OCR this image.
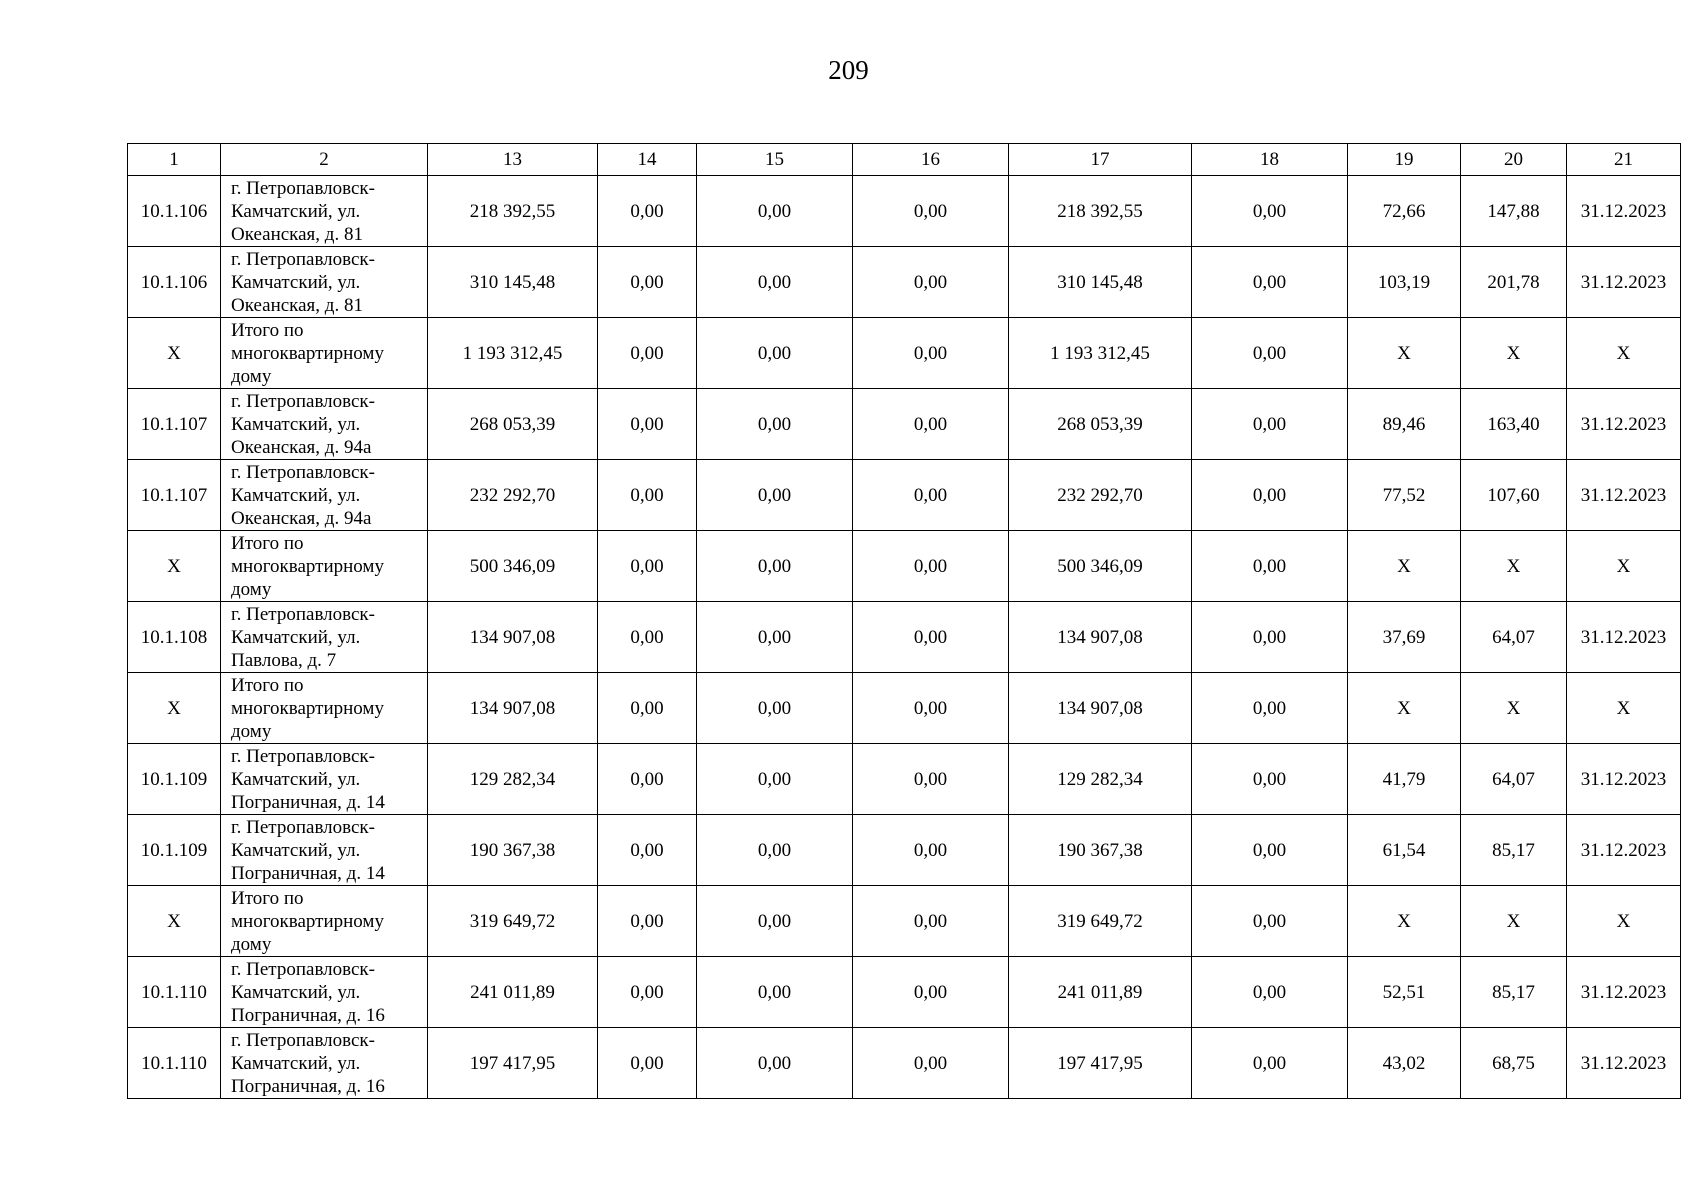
209
1	2	13	14	15	16	17	18	19	20	21
10.1.106	г. Петропавловск-
Камчатский, ул.
Океанская, д. 81	218 392,55	0,00	0,00	0,00	218 392,55	0,00	72,66	147,88	31.12.2023
10.1.106	г. Петропавловск-
Камчатский, ул.
Океанская, д. 81	310 145,48	0,00	0,00	0,00	310 145,48	0,00	103,19	201,78	31.12.2023
Х	Итого по
многоквартирному
дому	1 193 312,45	0,00	0,00	0,00	1 193 312,45	0,00	Х	Х	Х
10.1.107	г. Петропавловск-
Камчатский, ул.
Океанская, д. 94а	268 053,39	0,00	0,00	0,00	268 053,39	0,00	89,46	163,40	31.12.2023
10.1.107	г. Петропавловск-
Камчатский, ул.
Океанская, д. 94а	232 292,70	0,00	0,00	0,00	232 292,70	0,00	77,52	107,60	31.12.2023
Х	Итого по
многоквартирному
дому	500 346,09	0,00	0,00	0,00	500 346,09	0,00	Х	Х	Х
10.1.108	г. Петропавловск-
Камчатский, ул.
Павлова, д. 7	134 907,08	0,00	0,00	0,00	134 907,08	0,00	37,69	64,07	31.12.2023
Х	Итого по
многоквартирному
дому	134 907,08	0,00	0,00	0,00	134 907,08	0,00	Х	Х	Х
10.1.109	г. Петропавловск-
Камчатский, ул.
Пограничная, д. 14	129 282,34	0,00	0,00	0,00	129 282,34	0,00	41,79	64,07	31.12.2023
10.1.109	г. Петропавловск-
Камчатский, ул.
Пограничная, д. 14	190 367,38	0,00	0,00	0,00	190 367,38	0,00	61,54	85,17	31.12.2023
Х	Итого по
многоквартирному
дому	319 649,72	0,00	0,00	0,00	319 649,72	0,00	Х	Х	Х
10.1.110	г. Петропавловск-
Камчатский, ул.
Пограничная, д. 16	241 011,89	0,00	0,00	0,00	241 011,89	0,00	52,51	85,17	31.12.2023
10.1.110	г. Петропавловск-
Камчатский, ул.
Пограничная, д. 16	197 417,95	0,00	0,00	0,00	197 417,95	0,00	43,02	68,75	31.12.2023
